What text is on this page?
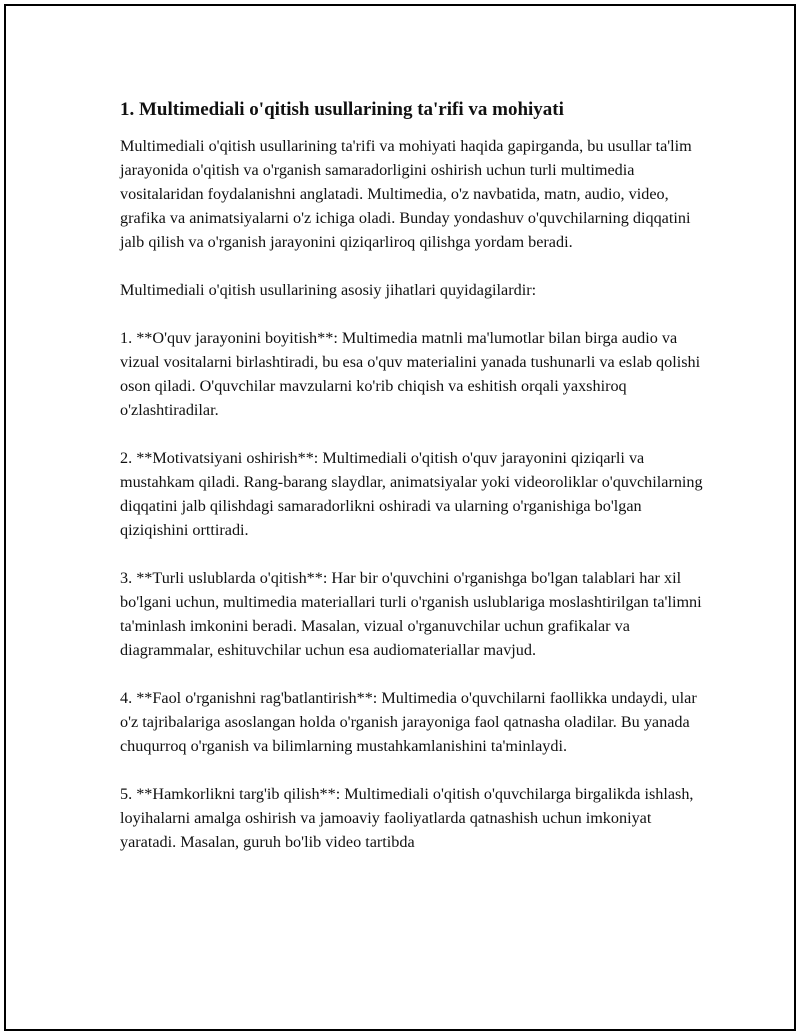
1. Multimediali o'qitish usullarining ta'rifi va mohiyati

Multimediali o'qitish usullarining ta'rifi va mohiyati haqida gapirganda, bu usullar ta'lim jarayonida o'qitish va o'rganish samaradorligini oshirish uchun turli multimedia vositalaridan foydalanishni anglatadi. Multimedia, o'z navbatida, matn, audio, video, grafika va animatsiyalarni o'z ichiga oladi. Bunday yondashuv o'quvchilarning diqqatini jalb qilish va o'rganish jarayonini qiziqarliroq qilishga yordam beradi.

Multimediali o'qitish usullarining asosiy jihatlari quyidagilardir:

1. **O'quv jarayonini boyitish**: Multimedia matnli ma'lumotlar bilan birga audio va vizual vositalarni birlashtiradi, bu esa o'quv materialini yanada tushunarli va eslab qolishi oson qiladi. O'quvchilar mavzularni ko'rib chiqish va eshitish orqali yaxshiroq o'zlashtiradilar.

2. **Motivatsiyani oshirish**: Multimediali o'qitish o'quv jarayonini qiziqarli va mustahkam qiladi. Rang-barang slaydlar, animatsiyalar yoki videoroliklar o'quvchilarning diqqatini jalb qilishdagi samaradorlikni oshiradi va ularning o'rganishiga bo'lgan qiziqishini orttiradi.

3. **Turli uslublarda o'qitish**: Har bir o'quvchini o'rganishga bo'lgan talablari har xil bo'lgani uchun, multimedia materiallari turli o'rganish uslublariga moslashtirilgan ta'limni ta'minlash imkonini beradi. Masalan, vizual o'rganuvchilar uchun grafikalar va diagrammalar, eshituvchilar uchun esa audiomateriallar mavjud.

4. **Faol o'rganishni rag'batlantirish**: Multimedia o'quvchilarni faollikka undaydi, ular o'z tajribalariga asoslangan holda o'rganish jarayoniga faol qatnasha oladilar. Bu yanada chuqurroq o'rganish va bilimlarning mustahkamlanishini ta'minlaydi.

5. **Hamkorlikni targ'ib qilish**: Multimediali o'qitish o'quvchilarga birgalikda ishlash, loyihalarni amalga oshirish va jamoaviy faoliyatlarda qatnashish uchun imkoniyat yaratadi. Masalan, guruh bo'lib video tartibda
